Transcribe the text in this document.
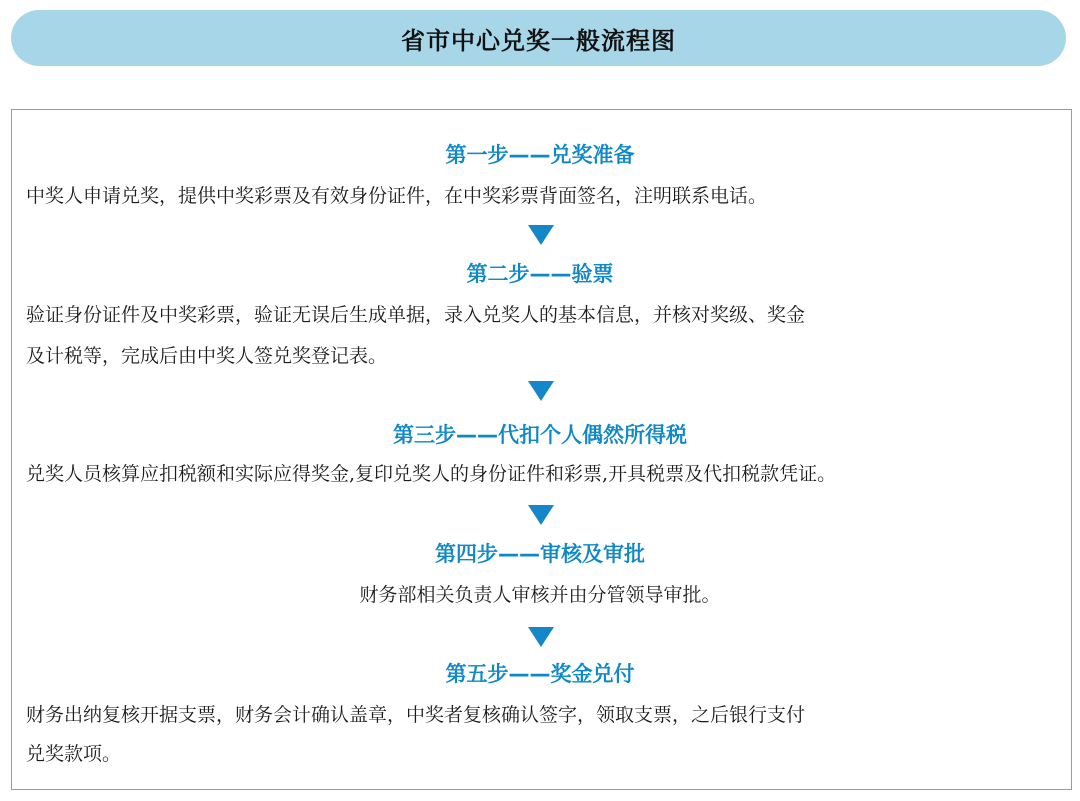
省市中心兑奖一般流程图
第一步——兑奖准备
中奖人申请兑奖，提供中奖彩票及有效身份证件，在中奖彩票背面签名，注明联系电话。
第二步——验票
验证身份证件及中奖彩票，验证无误后生成单据，录入兑奖人的基本信息，并核对奖级、奖金
及计税等，完成后由中奖人签兑奖登记表。
第三步——代扣个人偶然所得税
兑奖人员核算应扣税额和实际应得奖金,复印兑奖人的身份证件和彩票,开具税票及代扣税款凭证。
第四步——审核及审批
财务部相关负责人审核并由分管领导审批。
第五步——奖金兑付
财务出纳复核开据支票，财务会计确认盖章，中奖者复核确认签字，领取支票，之后银行支付
兑奖款项。
